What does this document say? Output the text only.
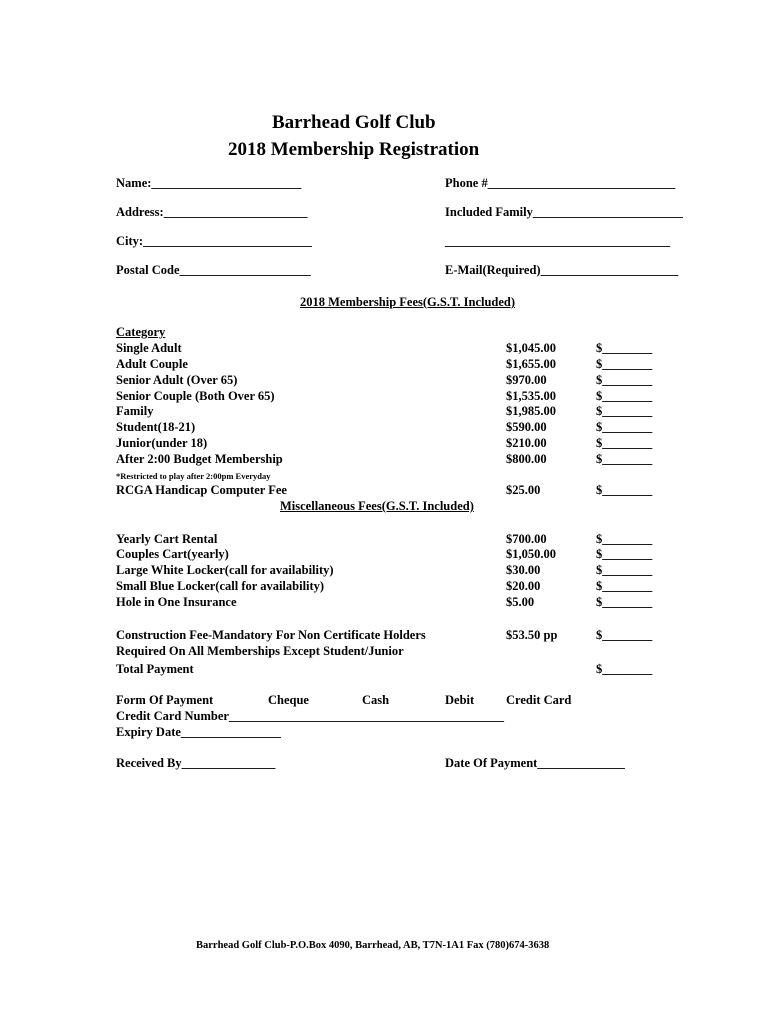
Barrhead Golf Club
2018 Membership Registration
Name:________________________	Phone #______________________________
Address:_______________________	Included Family________________________
City:___________________________	____________________________________
Postal Code_____________________	E-Mail(Required)______________________
2018 Membership Fees(G.S.T. Included)
Category
Single Adult	$1,045.00	$________
Adult Couple	$1,655.00	$________
Senior Adult (Over 65)	$970.00	$________
Senior Couple (Both Over 65)	$1,535.00	$________
Family	$1,985.00	$________
Student(18-21)	$590.00	$________
Junior(under 18)	$210.00	$________
After 2:00 Budget Membership	$800.00	$________
*Restricted to play after 2:00pm Everyday
RCGA Handicap Computer Fee	$25.00	$________
Miscellaneous Fees(G.S.T. Included)
Yearly Cart Rental	$700.00	$________
Couples Cart(yearly)	$1,050.00	$________
Large White Locker(call for availability)	$30.00	$________
Small Blue Locker(call for availability)	$20.00	$________
Hole in One Insurance	$5.00	$________
Construction Fee-Mandatory For Non Certificate Holders	$53.50 pp	$________
Required On All Memberships Except Student/Junior
Total Payment	$________
Form Of Payment	Cheque	Cash	Debit	Credit Card
Credit Card Number____________________________________________
Expiry Date________________
Received By_______________	Date Of Payment______________
Barrhead Golf Club-P.O.Box 4090, Barrhead, AB, T7N-1A1 Fax (780)674-3638
